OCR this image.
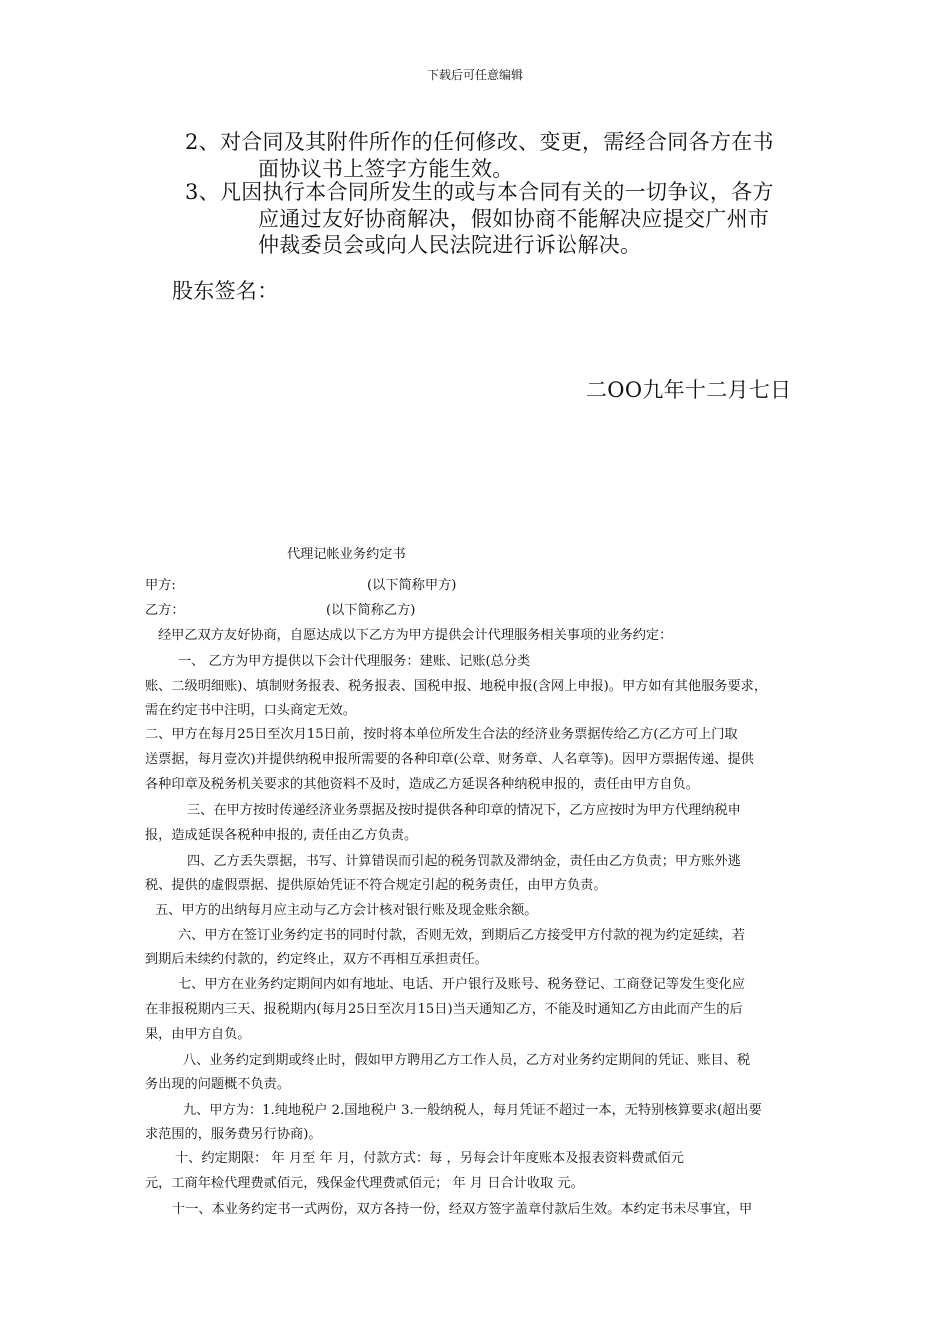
下载后可任意编辑
2、对合同及其附件所作的任何修改、变更，需经合同各方在书
面协议书上签字方能生效。
3、凡因执行本合同所发生的或与本合同有关的一切争议，各方
应通过友好协商解决，假如协商不能解决应提交广州市
仲裁委员会或向人民法院进行诉讼解决。
股东签名：
二OO九年十二月七日
代理记帐业务约定书
甲方:	(以下简称甲方)
乙方：	(以下简称乙方)
经甲乙双方友好协商，自愿达成以下乙方为甲方提供会计代理服务相关事项的业务约定：
一、 乙方为甲方提供以下会计代理服务：建账、记账(总分类
账、二级明细账)、填制财务报表、税务报表、国税申报、地税申报(含网上申报)。甲方如有其他服务要求，
需在约定书中注明，口头商定无效。
二、甲方在每月25日至次月15日前，按时将本单位所发生合法的经济业务票据传给乙方(乙方可上门取
送票据，每月壹次)并提供纳税申报所需要的各种印章(公章、财务章、人名章等)。因甲方票据传递、提供
各种印章及税务机关要求的其他资料不及时，造成乙方延误各种纳税申报的，责任由甲方自负。
三、在甲方按时传递经济业务票据及按时提供各种印章的情况下，乙方应按时为甲方代理纳税申
报，造成延误各税种申报的, 责任由乙方负责。
四、乙方丢失票据，书写、计算错误而引起的税务罚款及滞纳金，责任由乙方负责；甲方账外逃
税、提供的虚假票据、提供原始凭证不符合规定引起的税务责任，由甲方负责。
五、甲方的出纳每月应主动与乙方会计核对银行账及现金账余额。
六、甲方在签订业务约定书的同时付款，否则无效，到期后乙方接受甲方付款的视为约定延续，若
到期后未续约付款的，约定终止，双方不再相互承担责任。
七、甲方在业务约定期间内如有地址、电话、开户银行及账号、税务登记、工商登记等发生变化应
在非报税期内三天、报税期内(每月25日至次月15日)当天通知乙方，不能及时通知乙方由此而产生的后
果，由甲方自负。
八、业务约定到期或终止时，假如甲方聘用乙方工作人员，乙方对业务约定期间的凭证、账目、税
务出现的问题概不负责。
九、甲方为：1.纯地税户 2.国地税户 3.一般纳税人，每月凭证不超过一本，无特别核算要求(超出要
求范围的，服务费另行协商)。
十、约定期限： 年 月至 年 月，付款方式：每 ，另每会计年度账本及报表资料费贰佰元
元，工商年检代理费贰佰元，残保金代理费贰佰元； 年 月 日合计收取 元。
十一、本业务约定书一式两份，双方各持一份，经双方签字盖章付款后生效。本约定书未尽事宜，甲
